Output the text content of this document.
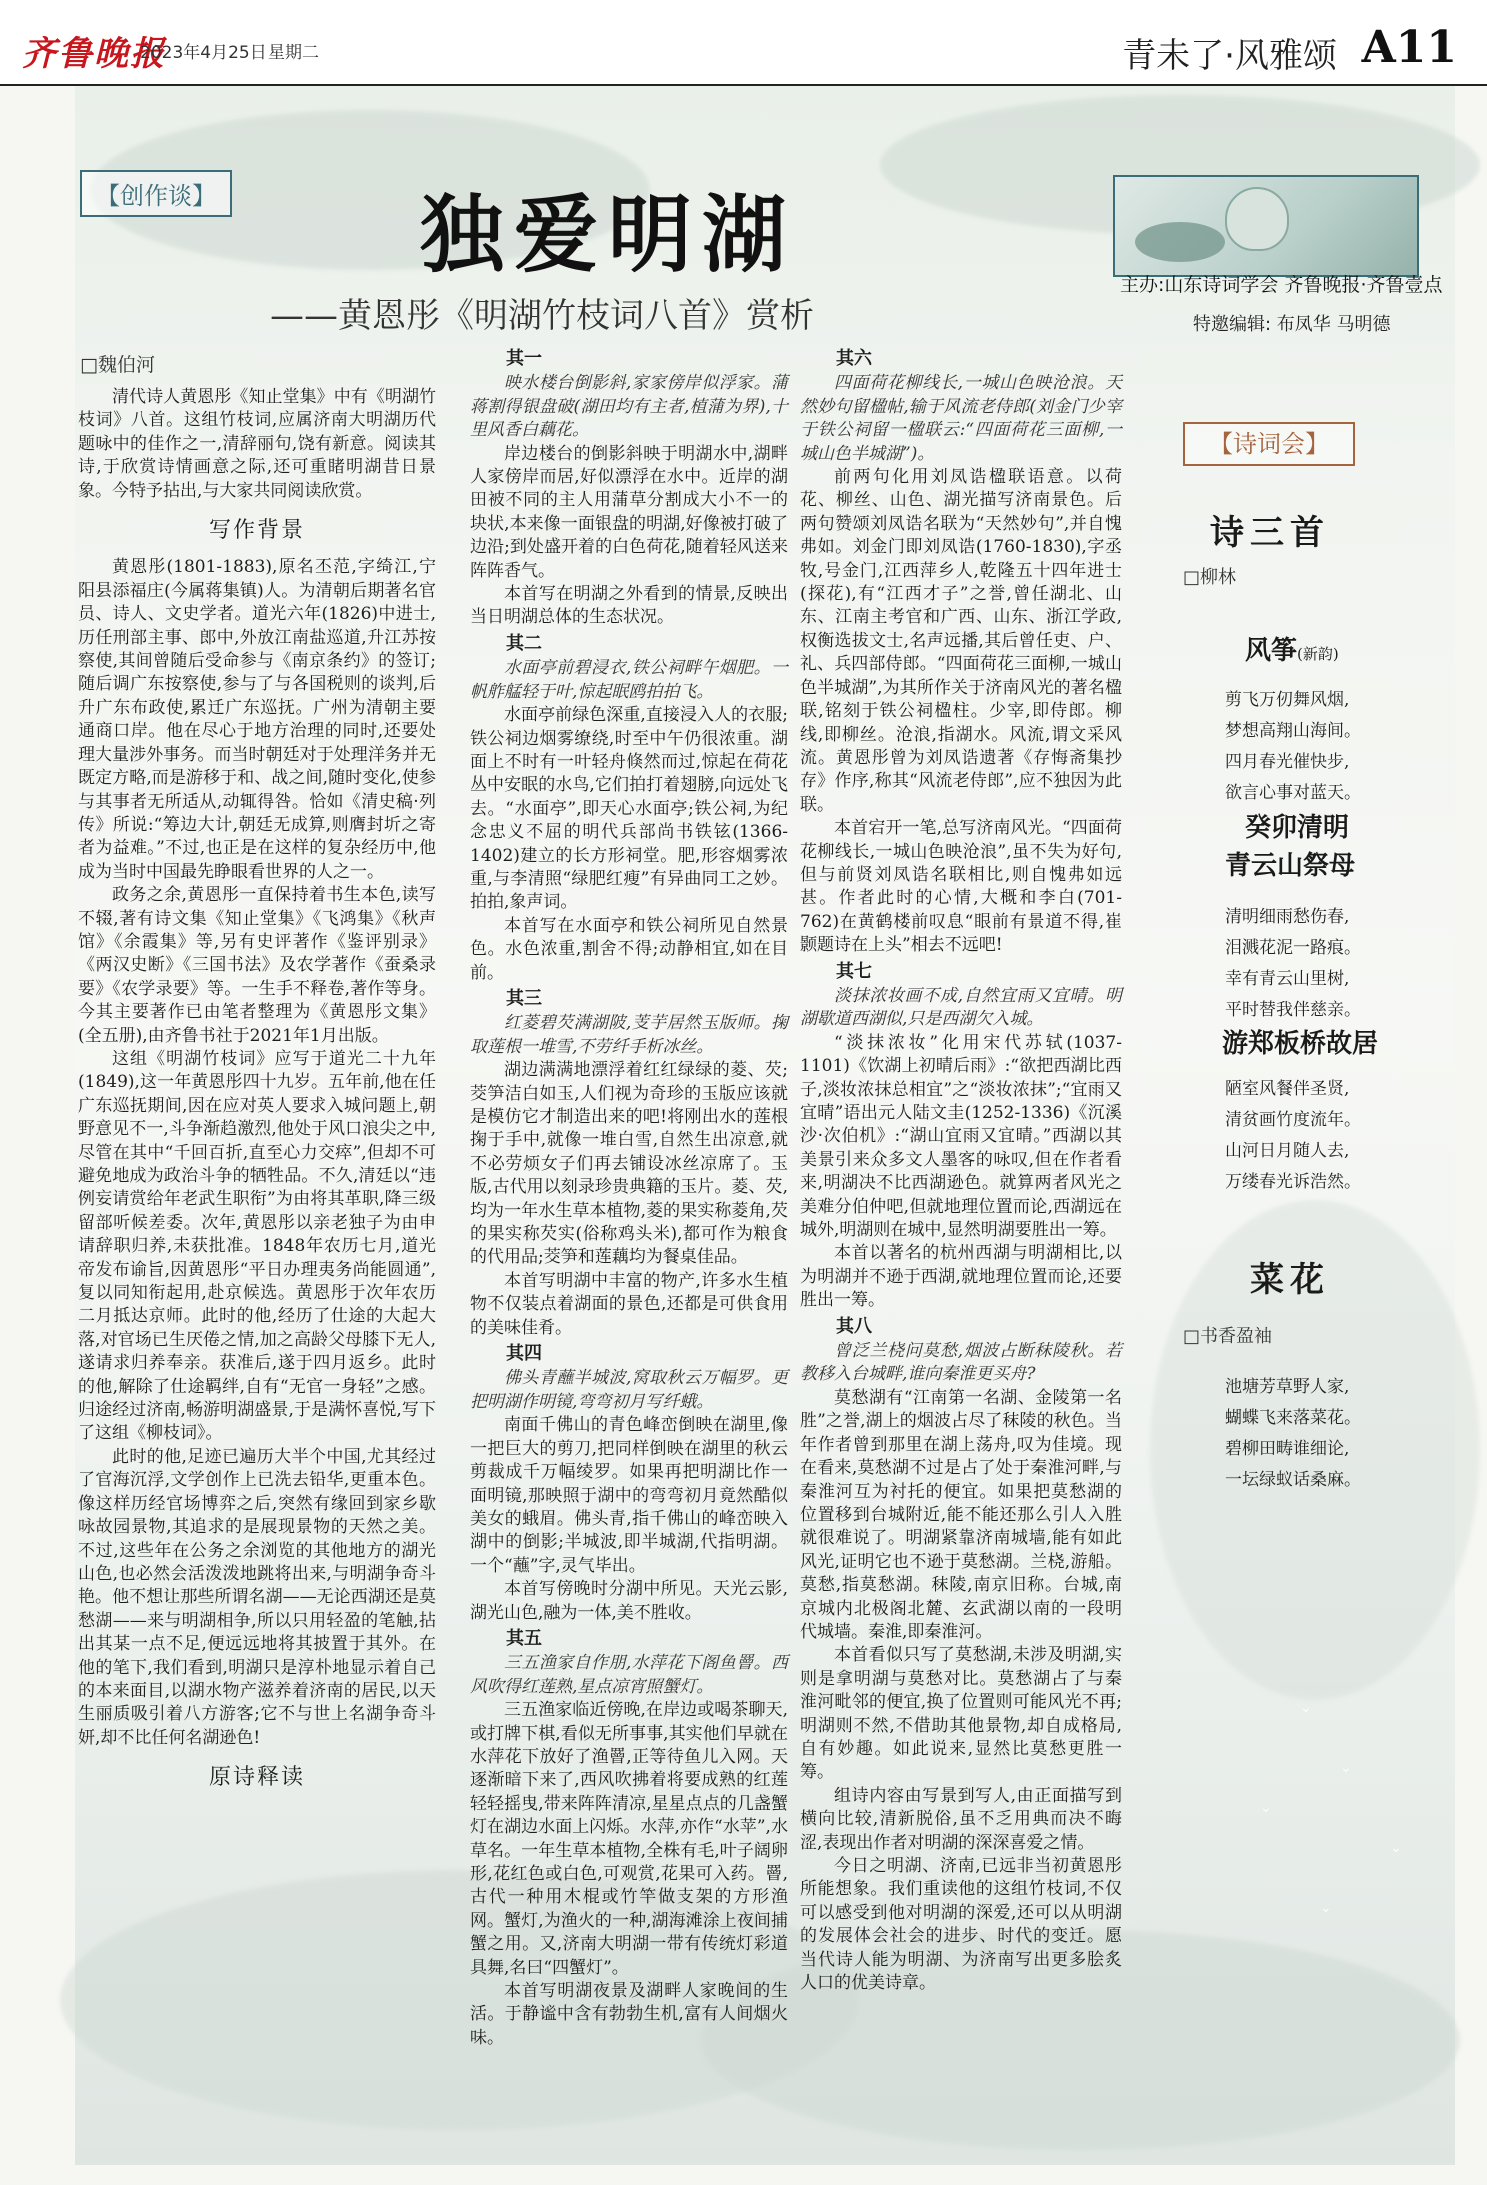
齐鲁晚报
2023年4月25日 星期二	青未了·风雅颂 A11
【创作谈】 独爱明湖
——黄恩彤《明湖竹枝词八首》赏析
□魏伯河
主办:山东诗词学会 齐鲁晚报·齐鲁壹点
特邀编辑: 布凤华 马明德

清代诗人黄恩彤《知止堂集》中有《明湖竹枝词》八首。这组竹枝词,应属济南大明湖历代题咏中的佳作之一,清辞丽句,饶有新意。阅读其诗,于欣赏诗情画意之际,还可重睹明湖昔日景象。今特予拈出,与大家共同阅读欣赏。

写作背景

黄恩彤(1801-1883),原名丕范,字绮江,宁阳县添福庄(今属蒋集镇)人。为清朝后期著名官员、诗人、文史学者。道光六年(1826)中进士,历任刑部主事、郎中,外放江南盐巡道,升江苏按察使,其间曾随后受命参与《南京条约》的签订;随后调广东按察使,参与了与各国税则的谈判,后升广东布政使,累迁广东巡抚。广州为清朝主要通商口岸。他在尽心于地方治理的同时,还要处理大量涉外事务。而当时朝廷对于处理洋务并无既定方略,而是游移于和、战之间,随时变化,使参与其事者无所适从,动辄得咎。恰如《清史稿·列传》所说:“筹边大计,朝廷无成算,则膺封圻之寄者为益难。”不过,也正是在这样的复杂经历中,他成为当时中国最先睁眼看世界的人之一。

政务之余,黄恩彤一直保持着书生本色,读写不辍,著有诗文集《知止堂集》《飞鸿集》《秋声馆》《余霞集》等,另有史评著作《鉴评别录》《两汉史断》《三国书法》及农学著作《蚕桑录要》《农学录要》等。一生手不释卷,著作等身。今其主要著作已由笔者整理为《黄恩彤文集》(全五册),由齐鲁书社于2021年1月出版。

这组《明湖竹枝词》应写于道光二十九年(1849),这一年黄恩彤四十九岁。五年前,他在任广东巡抚期间,因在应对英人要求入城问题上,朝野意见不一,斗争渐趋激烈,他处于风口浪尖之中,尽管在其中“千回百折,直至心力交瘁”,但却不可避免地成为政治斗争的牺牲品。不久,清廷以“违例妄请赏给年老武生职衔”为由将其革职,降三级留部听候差委。次年,黄恩彤以亲老独子为由申请辞职归养,未获批准。1848年农历七月,道光帝发布谕旨,因黄恩彤“平日办理夷务尚能圆通”,复以同知衔起用,赴京候选。黄恩彤于次年农历二月抵达京师。此时的他,经历了仕途的大起大落,对官场已生厌倦之情,加之高龄父母膝下无人,遂请求归养奉亲。获准后,遂于四月返乡。此时的他,解除了仕途羁绊,自有“无官一身轻”之感。归途经过济南,畅游明湖盛景,于是满怀喜悦,写下了这组《柳枝词》。

此时的他,足迹已遍历大半个中国,尤其经过了官海沉浮,文学创作上已洗去铅华,更重本色。像这样历经官场博弈之后,突然有缘回到家乡歇咏故园景物,其追求的是展现景物的天然之美。不过,这些年在公务之余浏览的其他地方的湖光山色,也必然会活泼泼地跳将出来,与明湖争奇斗艳。他不想让那些所谓名湖——无论西湖还是莫愁湖——来与明湖相争,所以只用轻盈的笔触,拈出其某一点不足,便远远地将其披置于其外。在他的笔下,我们看到,明湖只是淳朴地显示着自己的本来面目,以湖水物产滋养着济南的居民,以天生丽质吸引着八方游客;它不与世上名湖争奇斗妍,却不比任何名湖逊色!

原诗释读
其一

映水楼台倒影斜,家家傍岸似浮家。蒲蒋割得银盘破(湖田均有主者,植蒲为界),十里风香白藕花。

岸边楼台的倒影斜映于明湖水中,湖畔人家傍岸而居,好似漂浮在水中。近岸的湖田被不同的主人用蒲草分割成大小不一的块状,本来像一面银盘的明湖,好像被打破了边沿;到处盛开着的白色荷花,随着轻风送来阵阵香气。

本首写在明湖之外看到的情景,反映出当日明湖总体的生态状况。

其二

水面亭前碧浸衣,铁公祠畔午烟肥。一帆舴艋轻于叶,惊起眠鸥拍拍飞。

水面亭前绿色深重,直接浸入人的衣服;铁公祠边烟雾缭绕,时至中午仍很浓重。湖面上不时有一叶轻舟倏然而过,惊起在荷花丛中安眠的水鸟,它们拍打着翅膀,向远处飞去。“水面亭”,即天心水面亭;铁公祠,为纪念忠义不屈的明代兵部尚书铁铉(1366-1402)建立的长方形祠堂。肥,形容烟雾浓重,与李清照“绿肥红瘦”有异曲同工之妙。拍拍,象声词。

本首写在水面亭和铁公祠所见自然景色。水色浓重,割舍不得;动静相宜,如在目前。

其三

红菱碧芡满湖陂,芰芋居然玉版师。掬取莲根一堆雪,不劳纤手析冰丝。

湖边满满地漂浮着红红绿绿的菱、芡;茭笋洁白如玉,人们视为奇珍的玉版应该就是模仿它才制造出来的吧!将刚出水的莲根掬于手中,就像一堆白雪,自然生出凉意,就不必劳烦女子们再去铺设冰丝凉席了。玉版,古代用以刻录珍贵典籍的玉片。菱、芡,均为一年水生草本植物,菱的果实称菱角,芡的果实称芡实(俗称鸡头米),都可作为粮食的代用品;茭笋和莲藕均为餐桌佳品。

本首写明湖中丰富的物产,许多水生植物不仅装点着湖面的景色,还都是可供食用的美味佳肴。

其四

佛头青蘸半城波,窝取秋云万幅罗。更把明湖作明镜,弯弯初月写纤蛾。

南面千佛山的青色峰峦倒映在湖里,像一把巨大的剪刀,把同样倒映在湖里的秋云剪裁成千万幅绫罗。如果再把明湖比作一面明镜,那映照于湖中的弯弯初月竟然酷似美女的蛾眉。佛头青,指千佛山的峰峦映入湖中的倒影;半城波,即半城湖,代指明湖。一个“蘸”字,灵气毕出。

本首写傍晚时分湖中所见。天光云影,湖光山色,融为一体,美不胜收。

其五

三五渔家自作朋,水萍花下阁鱼罾。西风吹得红莲熟,星点凉宵照蟹灯。

三五渔家临近傍晚,在岸边或喝茶聊天,或打牌下棋,看似无所事事,其实他们早就在水萍花下放好了渔罾,正等待鱼儿入网。天逐渐暗下来了,西风吹拂着将要成熟的红莲轻轻摇曳,带来阵阵清凉,星星点点的几盏蟹灯在湖边水面上闪烁。水萍,亦作“水苹”,水草名。一年生草本植物,全株有毛,叶子阔卵形,花红色或白色,可观赏,花果可入药。罾,古代一种用木棍或竹竿做支架的方形渔网。蟹灯,为渔火的一种,湖海滩涂上夜间捕蟹之用。又,济南大明湖一带有传统灯彩道具舞,名曰“四蟹灯”。

本首写明湖夜景及湖畔人家晚间的生活。于静谧中含有勃勃生机,富有人间烟火味。

其六

四面荷花柳线长,一城山色映沧浪。天然妙句留楹帖,输于风流老侍郎(刘金门少宰于铁公祠留一楹联云:“四面荷花三面柳,一城山色半城湖”)。

前两句化用刘凤诰楹联语意。以荷花、柳丝、山色、湖光描写济南景色。后两句赞颂刘凤诰名联为“天然妙句”,并自愧弗如。刘金门即刘凤诰(1760-1830),字丞牧,号金门,江西萍乡人,乾隆五十四年进士(探花),有“江西才子”之誉,曾任湖北、山东、江南主考官和广西、山东、浙江学政,权衡选拔文士,名声远播,其后曾任吏、户、礼、兵四部侍郎。“四面荷花三面柳,一城山色半城湖”,为其所作关于济南风光的著名楹联,铭刻于铁公祠楹柱。少宰,即侍郎。柳线,即柳丝。沧浪,指湖水。风流,谓文采风流。黄恩彤曾为刘凤诰遗著《存悔斋集抄存》作序,称其“风流老侍郎”,应不独因为此联。

本首宕开一笔,总写济南风光。“四面荷花柳线长,一城山色映沧浪”,虽不失为好句,但与前贤刘凤诰名联相比,则自愧弗如远甚。作者此时的心情,大概和李白(701-762)在黄鹤楼前叹息“眼前有景道不得,崔颢题诗在上头”相去不远吧!

其七

淡抹浓妆画不成,自然宜雨又宜晴。明湖歇道西湖似,只是西湖欠入城。

“淡抹浓妆”化用宋代苏轼(1037-1101)《饮湖上初晴后雨》:“欲把西湖比西子,淡妆浓抹总相宜”之“淡妆浓抹”;“宜雨又宜晴”语出元人陆文圭(1252-1336)《沉溪沙·次伯机》:“湖山宜雨又宜晴。”西湖以其美景引来众多文人墨客的咏叹,但在作者看来,明湖决不比西湖逊色。就算两者风光之美难分伯仲吧,但就地理位置而论,西湖远在城外,明湖则在城中,显然明湖要胜出一筹。

本首以著名的杭州西湖与明湖相比,以为明湖并不逊于西湖,就地理位置而论,还要胜出一筹。

其八

曾泛兰桡问莫愁,烟波占断秣陵秋。若教移入台城畔,谁向秦淮更买舟?

莫愁湖有“江南第一名湖、金陵第一名胜”之誉,湖上的烟波占尽了秣陵的秋色。当年作者曾到那里在湖上荡舟,叹为佳境。现在看来,莫愁湖不过是占了处于秦淮河畔,与秦淮河互为衬托的便宜。如果把莫愁湖的位置移到台城附近,能不能还那么引人入胜就很难说了。明湖紧靠济南城墙,能有如此风光,证明它也不逊于莫愁湖。兰桡,游船。莫愁,指莫愁湖。秣陵,南京旧称。台城,南京城内北极阁北麓、玄武湖以南的一段明代城墙。秦淮,即秦淮河。

本首看似只写了莫愁湖,未涉及明湖,实则是拿明湖与莫愁对比。莫愁湖占了与秦淮河毗邻的便宜,换了位置则可能风光不再;明湖则不然,不借助其他景物,却自成格局,自有妙趣。如此说来,显然比莫愁更胜一筹。

组诗内容由写景到写人,由正面描写到横向比较,清新脱俗,虽不乏用典而决不晦涩,表现出作者对明湖的深深喜爱之情。

今日之明湖、济南,已远非当初黄恩彤所能想象。我们重读他的这组竹枝词,不仅可以感受到他对明湖的深爱,还可以从明湖的发展体会社会的进步、时代的变迁。愿当代诗人能为明湖、为济南写出更多脍炙人口的优美诗章。

【诗词会】
诗三首
□柳林
风筝(新韵)
剪飞万仞舞风烟,
梦想高翔山海间。
四月春光催快步,
欲言心事对蓝天。
癸卯清明
青云山祭母
清明细雨愁伤春,
泪溅花泥一路痕。
幸有青云山里树,
平时替我伴慈亲。
游郑板桥故居
陋室风餐伴圣贤,
清贫画竹度流年。
山河日月随人去,
万缕春光诉浩然。
菜花
□书香盈袖
池塘芳草野人家,
蝴蝶飞来落菜花。
碧柳田畴谁细论,
一坛绿蚁话桑麻。
⌄
⌄
⌄
⌄
⌄
